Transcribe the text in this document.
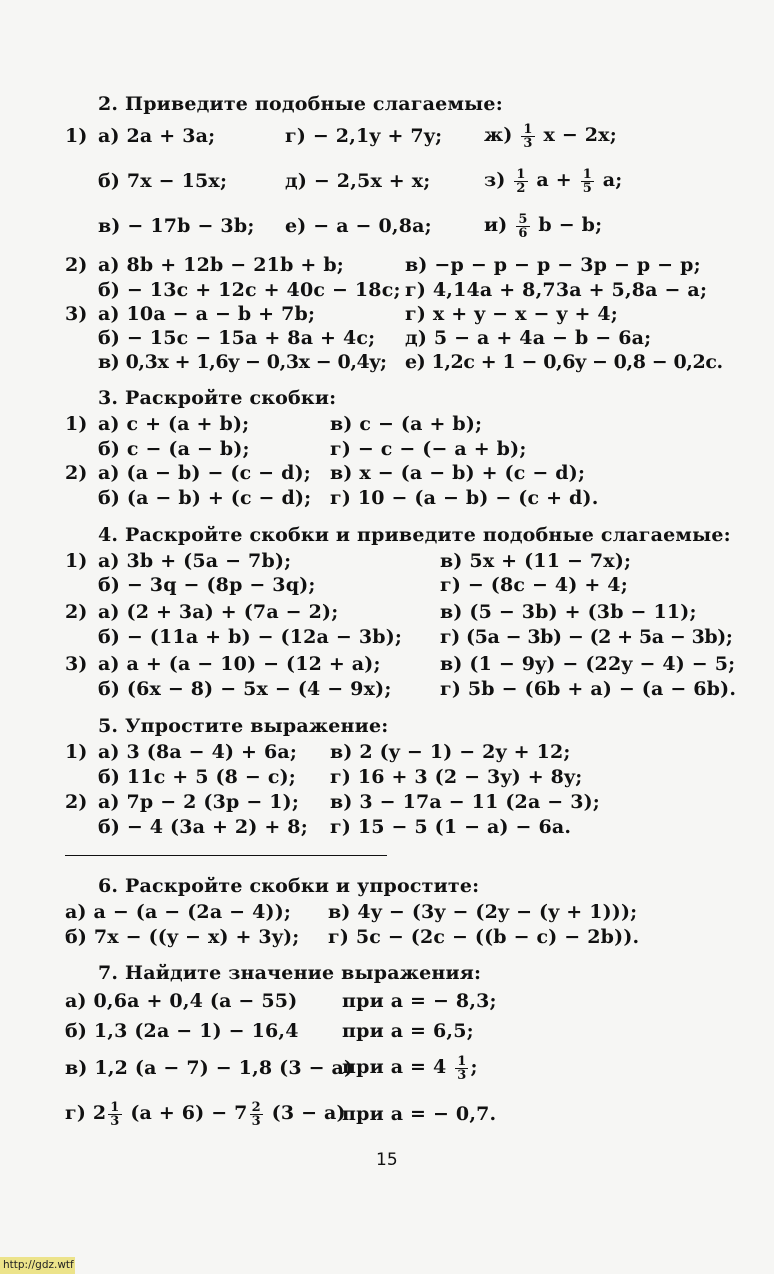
2. Приведите подобные слагаемые:
1) а) 2a + 3a;	г) − 2,1y + 7y; $ж) \frac{1}{3}$ x − 2x;
б) 7x − 15x;	д) − 2,5x + x;	$з) \frac{1}{2}$ $a + \frac{1}{5} a$;
в) − 17b − 3b; е) − a − 0,8a;	$и) \frac{5}{6}$ b − b;
2) а) 8b + 12b − 21b + b;	в) −p − p − p − 3p − p − p;
б) − 13c + 12c + 40c − 18c; г) 4,14a + 8,73a + 5,8a − a;
3) а) 10a − a − b + 7b;	г) x + y − x − y + 4;
б) − 15c − 15a + 8a + 4c; д) 5 − a + 4a − b − 6a;
в) 0,3x + 1,6y − 0,3x − 0,4y; е) 1,2c + 1 − 0,6y − 0,8 − 0,2c.
3. Раскройте скобки:
1) а) c + (a + b);	в) c − (a + b);
б) c − (a − b);	г) − c − (− a + b);
2) а) (a − b) − (c − d); в) x − (a − b) + (c − d);
б) (a − b) + (c − d); г) 10 − (a − b) − (c + d).
4. Раскройте скобки и приведите подобные слагаемые:
1) а) 3b + (5a − 7b);	в) 5x + (11 − 7x);
б) − 3q − (8p − 3q);	г) − (8c − 4) + 4;
2) а) (2 + 3a) + (7a − 2);	в) (5 − 3b) + (3b − 11);
б) − (11a + b) − (12a − 3b); г) (5a − 3b) − (2 + 5a − 3b);
3) а) a + (a − 10) − (12 + a);	в) (1 − 9y) − (22y − 4) − 5;
б) (6x − 8) − 5x − (4 − 9x);	г) 5b − (6b + a) − (a − 6b).
5. Упростите выражение:
1) а) 3 (8a − 4) + 6a; в) 2 (y − 1) − 2y + 12;
б) 11c + 5 (8 − c); г) 16 + 3 (2 − 3y) + 8y;
2) а) 7p − 2 (3p − 1); в) 3 − 17a − 11 (2a − 3);
б) − 4 (3a + 2) + 8; г) 15 − 5 (1 − a) − 6a.
6. Раскройте скобки и упростите:
а) a − (a − (2a − 4)); в) 4y − (3y − (2y − (y + 1)));
б) 7x − ((y − x) + 3y); г) 5c − (2c − ((b − c) − 2b)).
7. Найдите значение выражения:
а) 0,6a + 0,4 (a − 55) при a = − 8,3;
б) 1,3 (2a − 1) − 16,4 при a = 6,5;
в) 1,2 (a − 7) − 1,8 (3 − a)
при $a = 4 \frac{1}{3}$ ;
г) $2 \frac{1}{3} (a + 6) - 7 \frac{2}{3} (3 - a)$
при a = − 0,7.
15
http://gdz.wtf
